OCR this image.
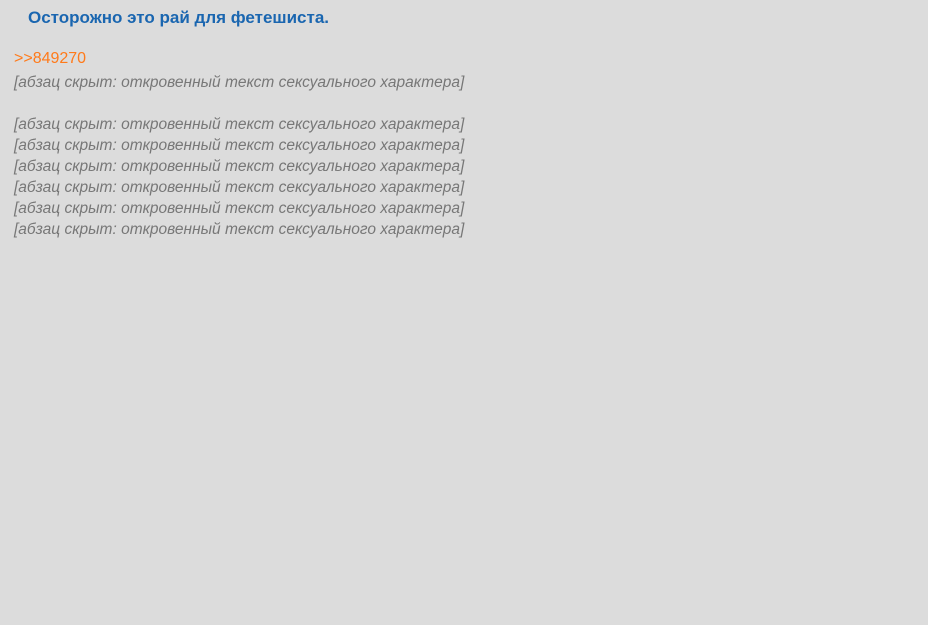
Осторожно это рай для фетешиста.
>>849270

[абзац скрыт: откровенный текст сексуального характера]

[абзац скрыт: откровенный текст сексуального характера]

[абзац скрыт: откровенный текст сексуального характера]

[абзац скрыт: откровенный текст сексуального характера]

[абзац скрыт: откровенный текст сексуального характера]

[абзац скрыт: откровенный текст сексуального характера]

[абзац скрыт: откровенный текст сексуального характера]
